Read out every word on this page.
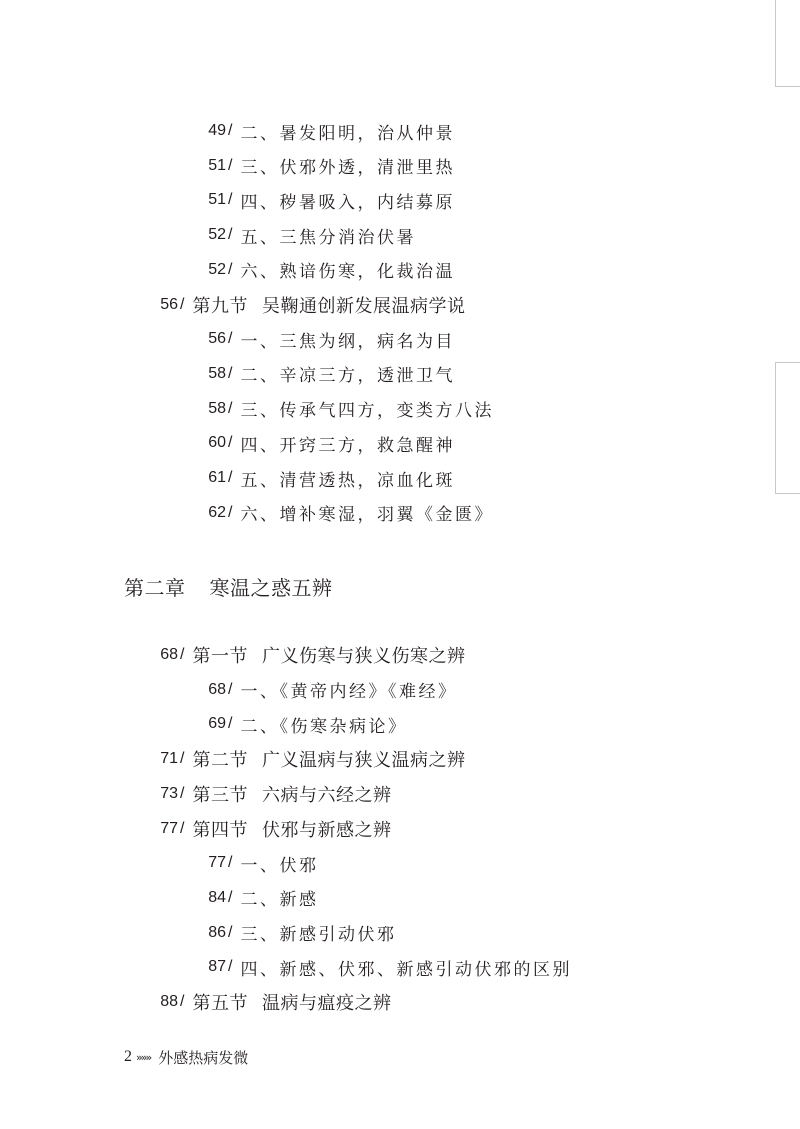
49 / 二、暑发阳明，治从仲景
51 / 三、伏邪外透，清泄里热
51 / 四、秽暑吸入，内结募原
52 / 五、三焦分消治伏暑
52 / 六、熟谙伤寒，化裁治温
56 / 第九节 吴鞠通创新发展温病学说
56 / 一、三焦为纲，病名为目
58 / 二、辛凉三方，透泄卫气
58 / 三、传承气四方，变类方八法
60 / 四、开窍三方，救急醒神
61 / 五、清营透热，凉血化斑
62 / 六、增补寒湿，羽翼《金匮》
第二章 寒温之惑五辨
68 / 第一节 广义伤寒与狭义伤寒之辨
68 / 一、《黄帝内经》《难经》
69 / 二、《伤寒杂病论》
71 / 第二节 广义温病与狭义温病之辨
73 / 第三节 六病与六经之辨
77 / 第四节 伏邪与新感之辨
77 / 一、伏邪
84 / 二、新感
86 / 三、新感引动伏邪
87 / 四、新感、伏邪、新感引动伏邪的区别
88 / 第五节 温病与瘟疫之辨
2 »»» 外感热病发微
